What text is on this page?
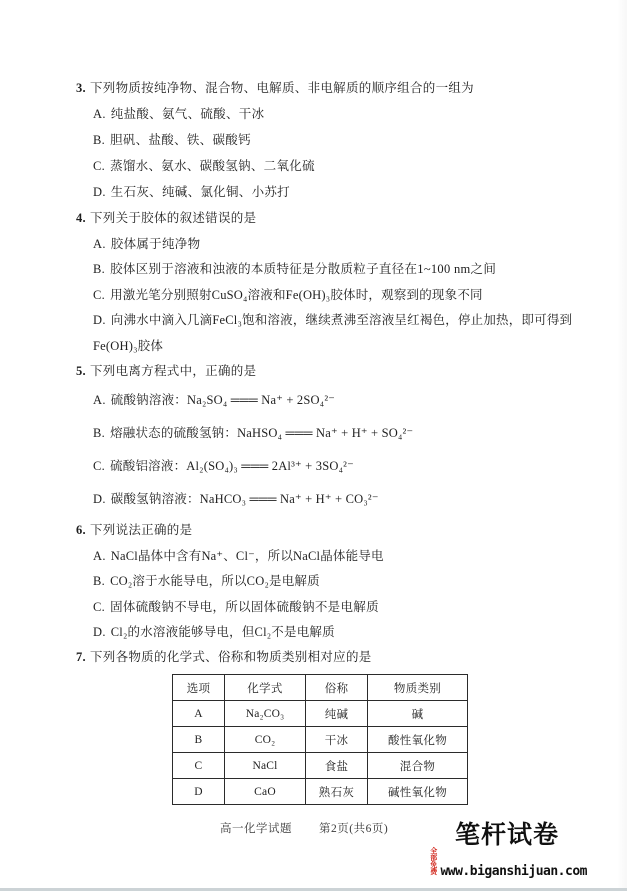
3. 下列物质按纯净物、混合物、电解质、非电解质的顺序组合的一组为
A. 纯盐酸、氨气、硫酸、干冰
B. 胆矾、盐酸、铁、碳酸钙
C. 蒸馏水、氨水、碳酸氢钠、二氧化硫
D. 生石灰、纯碱、氯化铜、小苏打
4. 下列关于胶体的叙述错误的是
A. 胶体属于纯净物
B. 胶体区别于溶液和浊液的本质特征是分散质粒子直径在1~100 nm之间
C. 用激光笔分别照射CuSO₄溶液和Fe(OH)₃胶体时，观察到的现象不同
D. 向沸水中滴入几滴FeCl₃饱和溶液，继续煮沸至溶液呈红褐色，停止加热，即可得到
Fe(OH)₃胶体
5. 下列电离方程式中，正确的是
A. 硫酸钠溶液：Na₂SO₄ ═══ Na⁺ + 2SO₄²⁻
B. 熔融状态的硫酸氢钠：NaHSO₄ ═══ Na⁺ + H⁺ + SO₄²⁻
C. 硫酸铝溶液：Al₂(SO₄)₃ ═══ 2Al³⁺ + 3SO₄²⁻
D. 碳酸氢钠溶液：NaHCO₃ ═══ Na⁺ + H⁺ + CO₃²⁻
6. 下列说法正确的是
A. NaCl晶体中含有Na⁺、Cl⁻，所以NaCl晶体能导电
B. CO₂溶于水能导电，所以CO₂是电解质
C. 固体硫酸钠不导电，所以固体硫酸钠不是电解质
D. Cl₂的水溶液能够导电，但Cl₂不是电解质
7. 下列各物质的化学式、俗称和物质类别相对应的是
选项	化学式	俗称	物质类别
A	Na₂CO₃	纯碱	碱
B	CO₂	干冰	酸性氧化物
C	NaCl	食盐	混合物
D	CaO	熟石灰	碱性氧化物
高一化学试题 第2页(共6页)	笔杆试卷
全部免费 www.biganshijuan.com
